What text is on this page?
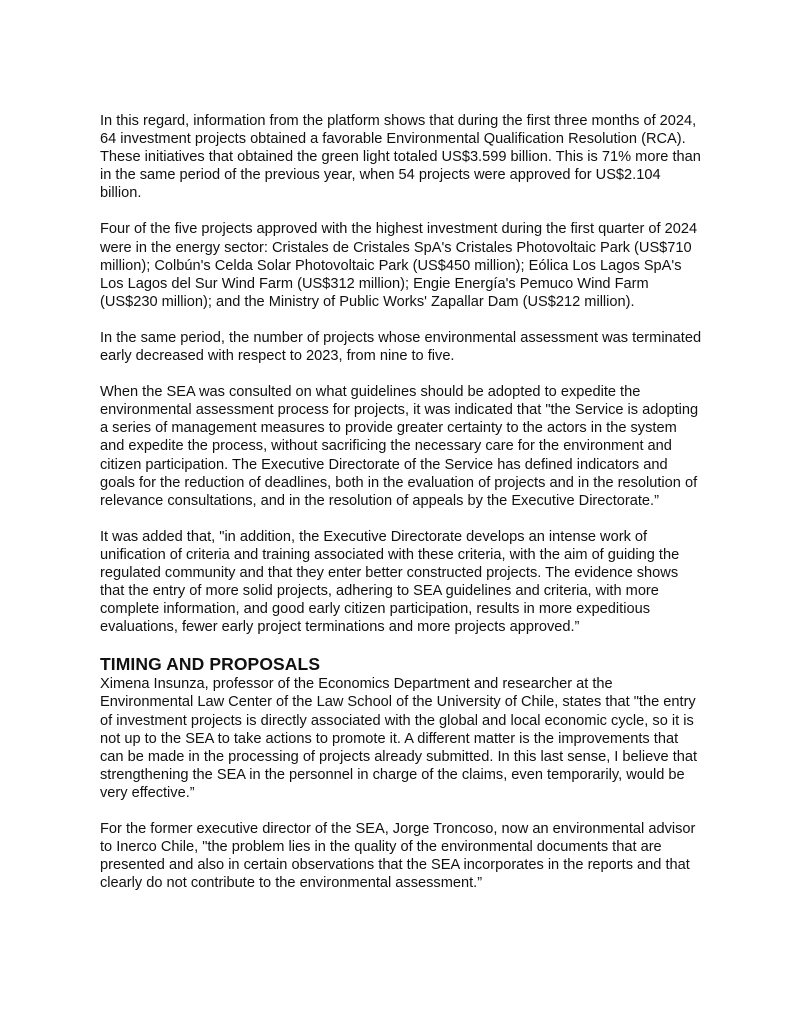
In this regard, information from the platform shows that during the first three months of 2024, 64 investment projects obtained a favorable Environmental Qualification Resolution (RCA). These initiatives that obtained the green light totaled US$3.599 billion. This is 71% more than in the same period of the previous year, when 54 projects were approved for US$2.104 billion.

Four of the five projects approved with the highest investment during the first quarter of 2024 were in the energy sector: Cristales de Cristales SpA's Cristales Photovoltaic Park (US$710 million); Colbún's Celda Solar Photovoltaic Park (US$450 million); Eólica Los Lagos SpA's Los Lagos del Sur Wind Farm (US$312 million); Engie Energía's Pemuco Wind Farm (US$230 million); and the Ministry of Public Works' Zapallar Dam (US$212 million).

In the same period, the number of projects whose environmental assessment was terminated early decreased with respect to 2023, from nine to five.

When the SEA was consulted on what guidelines should be adopted to expedite the environmental assessment process for projects, it was indicated that "the Service is adopting a series of management measures to provide greater certainty to the actors in the system and expedite the process, without sacrificing the necessary care for the environment and citizen participation. The Executive Directorate of the Service has defined indicators and goals for the reduction of deadlines, both in the evaluation of projects and in the resolution of relevance consultations, and in the resolution of appeals by the Executive Directorate.”

It was added that, "in addition, the Executive Directorate develops an intense work of unification of criteria and training associated with these criteria, with the aim of guiding the regulated community and that they enter better constructed projects. The evidence shows that the entry of more solid projects, adhering to SEA guidelines and criteria, with more complete information, and good early citizen participation, results in more expeditious evaluations, fewer early project terminations and more projects approved.”

TIMING AND PROPOSALS

Ximena Insunza, professor of the Economics Department and researcher at the Environmental Law Center of the Law School of the University of Chile, states that "the entry of investment projects is directly associated with the global and local economic cycle, so it is not up to the SEA to take actions to promote it. A different matter is the improvements that can be made in the processing of projects already submitted. In this last sense, I believe that strengthening the SEA in the personnel in charge of the claims, even temporarily, would be very effective.”

For the former executive director of the SEA, Jorge Troncoso, now an environmental advisor to Inerco Chile, "the problem lies in the quality of the environmental documents that are presented and also in certain observations that the SEA incorporates in the reports and that clearly do not contribute to the environmental assessment.”
